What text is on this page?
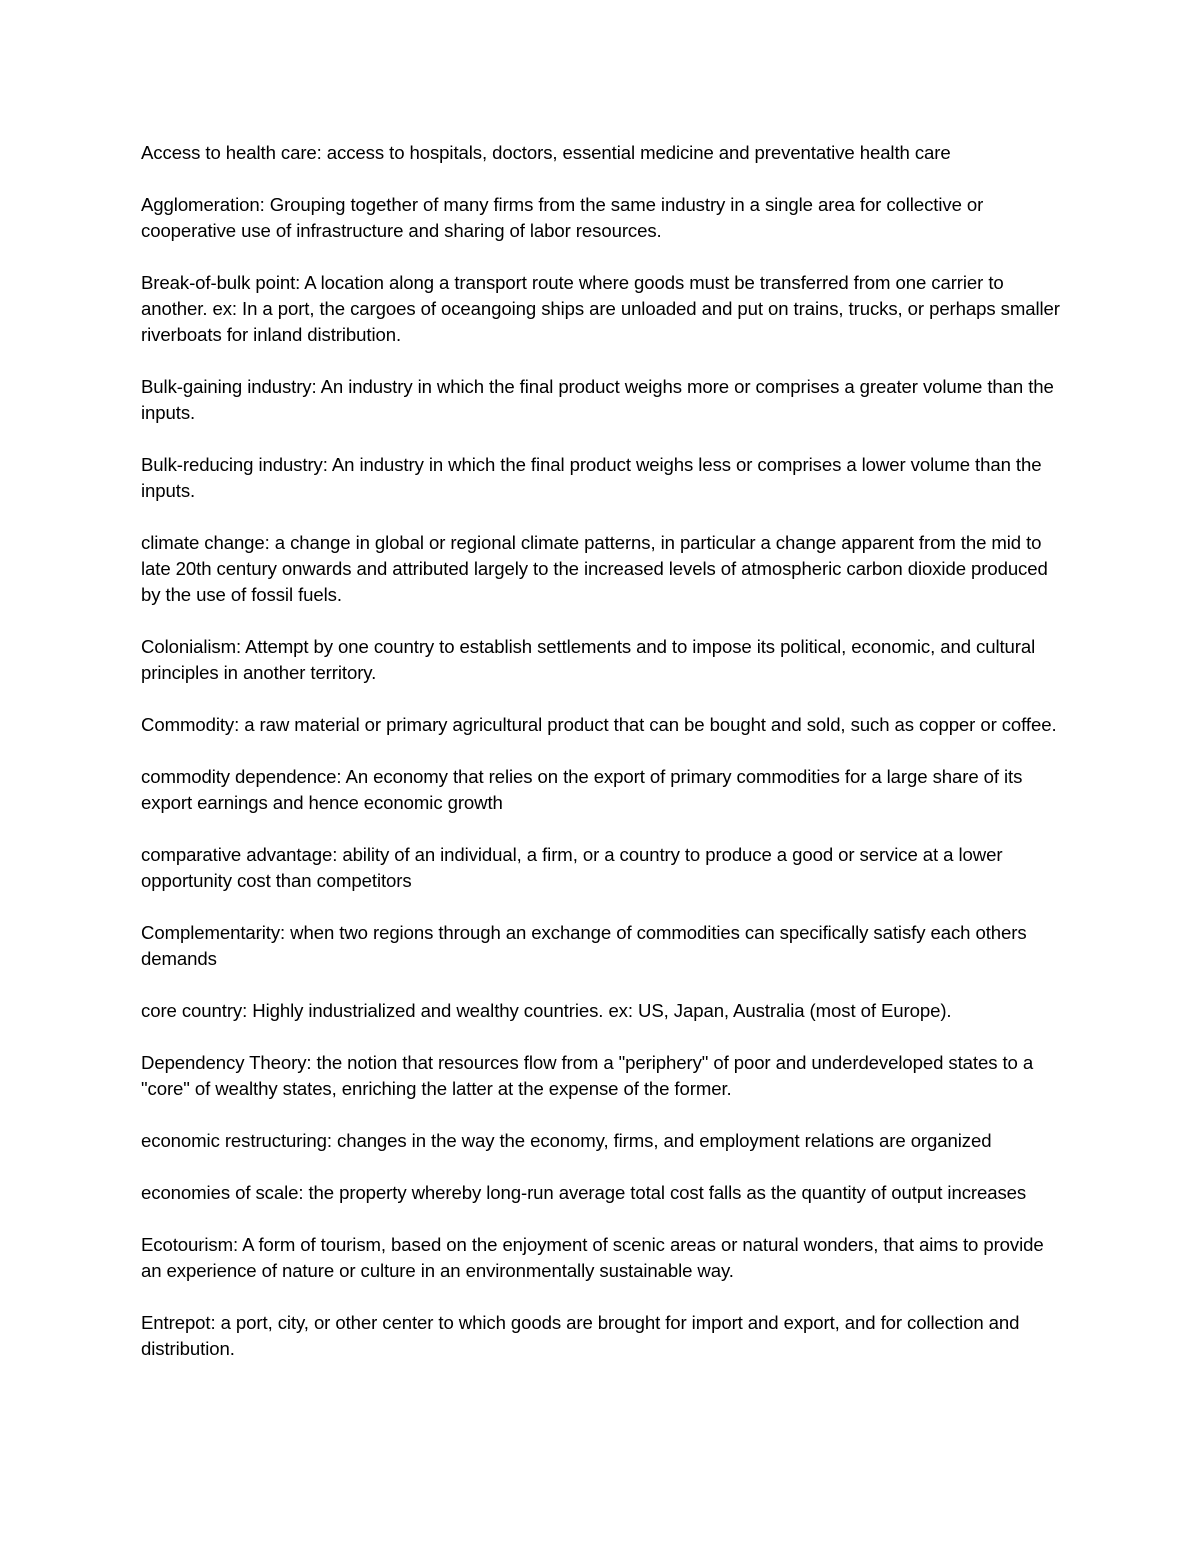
Access to health care: access to hospitals, doctors, essential medicine and preventative health care

Agglomeration: Grouping together of many firms from the same industry in a single area for collective or cooperative use of infrastructure and sharing of labor resources.

Break-of-bulk point: A location along a transport route where goods must be transferred from one carrier to another. ex: In a port, the cargoes of oceangoing ships are unloaded and put on trains, trucks, or perhaps smaller riverboats for inland distribution.

Bulk-gaining industry: An industry in which the final product weighs more or comprises a greater volume than the inputs.

Bulk-reducing industry: An industry in which the final product weighs less or comprises a lower volume than the inputs.

climate change: a change in global or regional climate patterns, in particular a change apparent from the mid to late 20th century onwards and attributed largely to the increased levels of atmospheric carbon dioxide produced by the use of fossil fuels.

Colonialism: Attempt by one country to establish settlements and to impose its political, economic, and cultural principles in another territory.

Commodity: a raw material or primary agricultural product that can be bought and sold, such as copper or coffee.

commodity dependence: An economy that relies on the export of primary commodities for a large share of its export earnings and hence economic growth

comparative advantage: ability of an individual, a firm, or a country to produce a good or service at a lower opportunity cost than competitors

Complementarity: when two regions through an exchange of commodities can specifically satisfy each others demands

core country: Highly industrialized and wealthy countries. ex: US, Japan, Australia (most of Europe).

Dependency Theory: the notion that resources flow from a "periphery" of poor and underdeveloped states to a "core" of wealthy states, enriching the latter at the expense of the former.

economic restructuring: changes in the way the economy, firms, and employment relations are organized

economies of scale: the property whereby long-run average total cost falls as the quantity of output increases

Ecotourism: A form of tourism, based on the enjoyment of scenic areas or natural wonders, that aims to provide an experience of nature or culture in an environmentally sustainable way.

Entrepot: a port, city, or other center to which goods are brought for import and export, and for collection and distribution.
